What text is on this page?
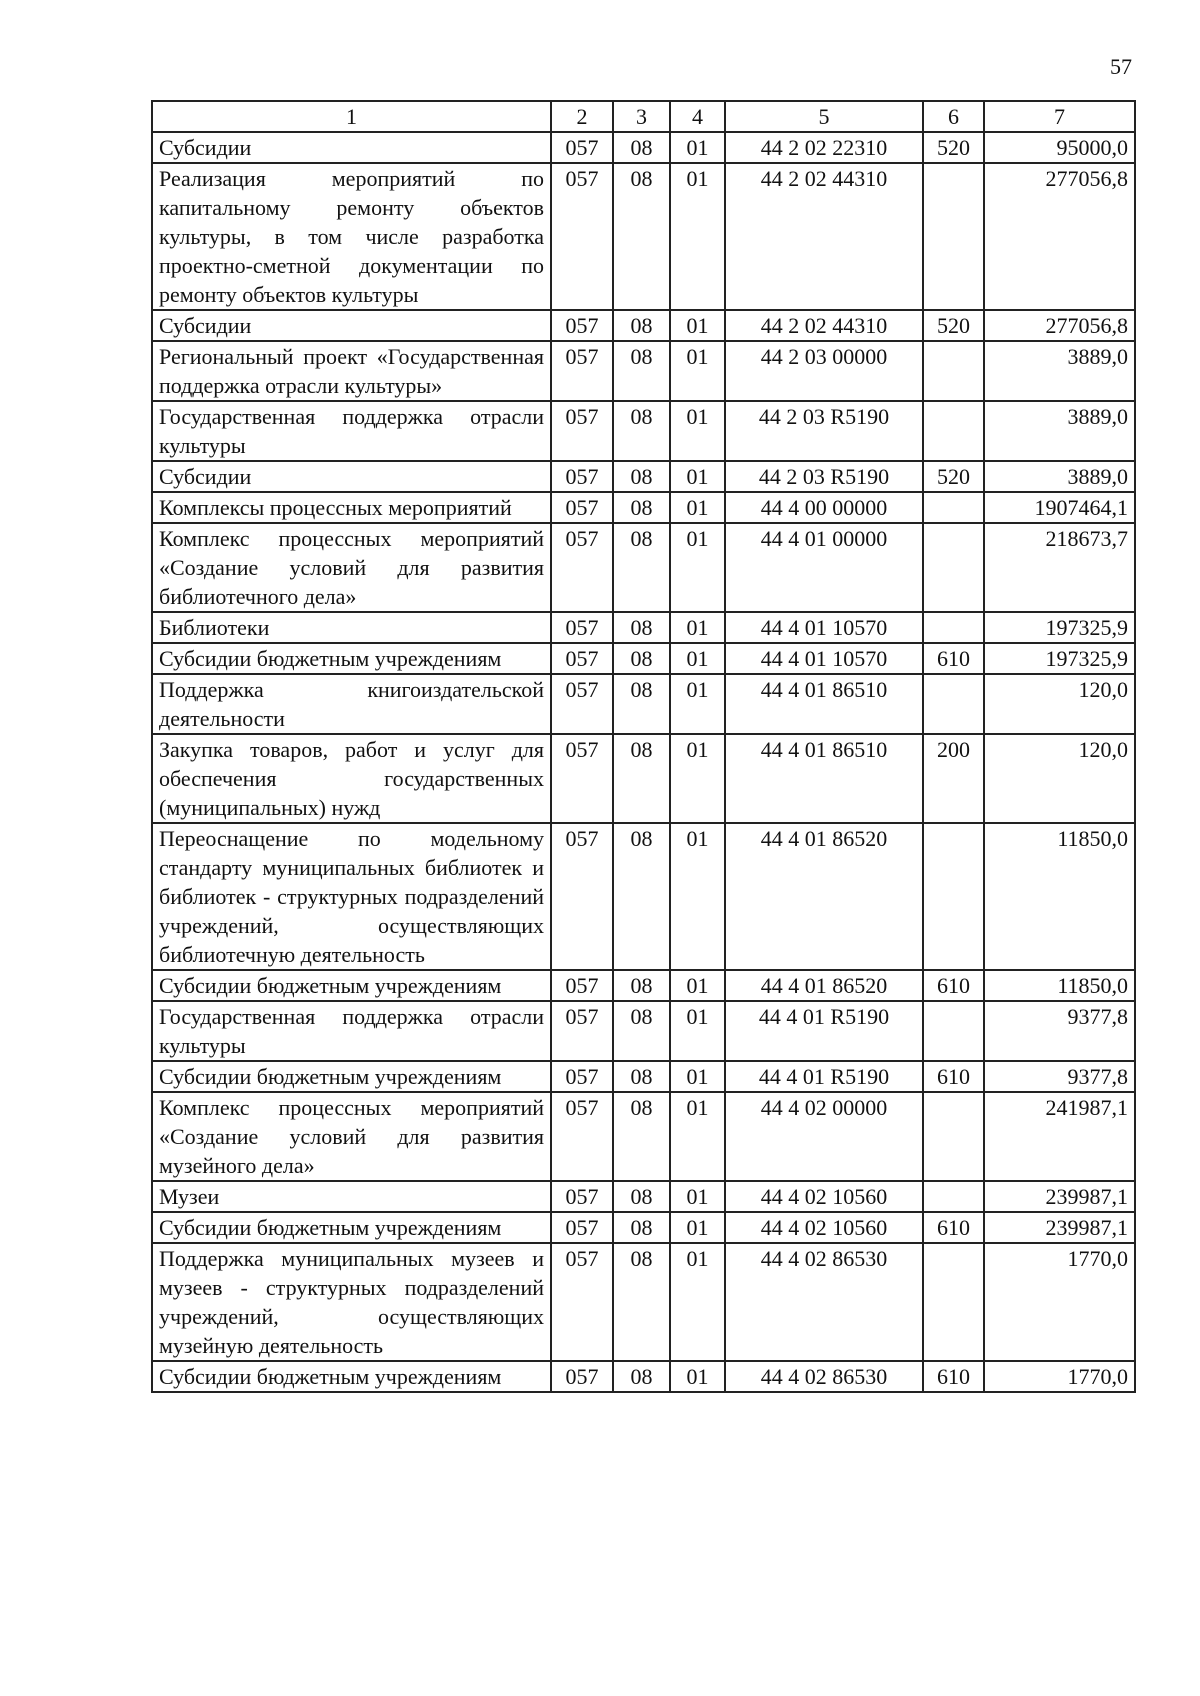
57
1	2	3	4	5	6	7
Субсидии	057	08	01	44 2 02 22310	520	95000,0
Реализация мероприятий по капитальному ремонту объектов культуры, в том числе разработка проектно-сметной документации по ремонту объектов культуры	057	08	01	44 2 02 44310		277056,8
Субсидии	057	08	01	44 2 02 44310	520	277056,8
Региональный проект «Государственная поддержка отрасли культуры»	057	08	01	44 2 03 00000		3889,0
Государственная поддержка отрасли культуры	057	08	01	44 2 03 R5190		3889,0
Субсидии	057	08	01	44 2 03 R5190	520	3889,0
Комплексы процессных мероприятий	057	08	01	44 4 00 00000		1907464,1
Комплекс процессных мероприятий «Создание условий для развития библиотечного дела»	057	08	01	44 4 01 00000		218673,7
Библиотеки	057	08	01	44 4 01 10570		197325,9
Субсидии бюджетным учреждениям	057	08	01	44 4 01 10570	610	197325,9
Поддержка книгоиздательской деятельности	057	08	01	44 4 01 86510		120,0
Закупка товаров, работ и услуг для обеспечения государственных (муниципальных) нужд	057	08	01	44 4 01 86510	200	120,0
Переоснащение по модельному стандарту муниципальных библиотек и библиотек - структурных подразделений учреждений, осуществляющих библиотечную деятельность	057	08	01	44 4 01 86520		11850,0
Субсидии бюджетным учреждениям	057	08	01	44 4 01 86520	610	11850,0
Государственная поддержка отрасли культуры	057	08	01	44 4 01 R5190		9377,8
Субсидии бюджетным учреждениям	057	08	01	44 4 01 R5190	610	9377,8
Комплекс процессных мероприятий «Создание условий для развития музейного дела»	057	08	01	44 4 02 00000		241987,1
Музеи	057	08	01	44 4 02 10560		239987,1
Субсидии бюджетным учреждениям	057	08	01	44 4 02 10560	610	239987,1
Поддержка муниципальных музеев и музеев - структурных подразделений учреждений, осуществляющих музейную деятельность	057	08	01	44 4 02 86530		1770,0
Субсидии бюджетным учреждениям	057	08	01	44 4 02 86530	610	1770,0
